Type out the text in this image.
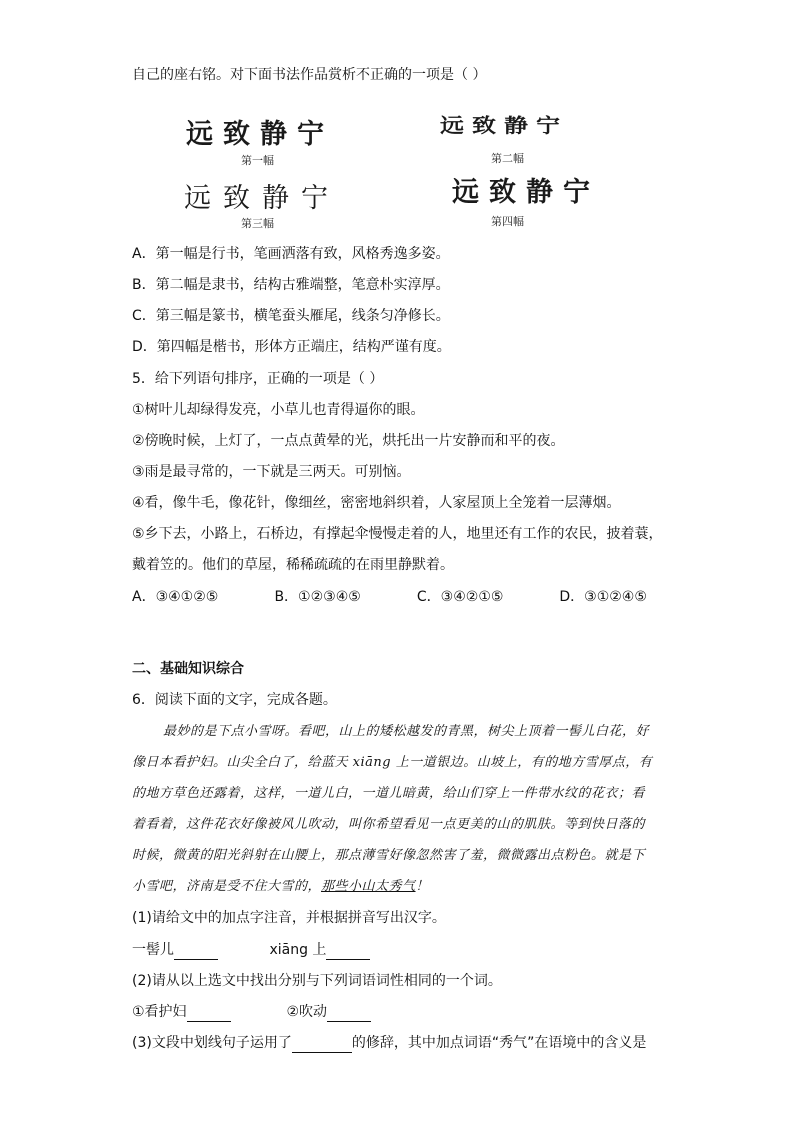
自己的座右铭。对下面书法作品赏析不正确的一项是（ ）
远致静宁
第一幅
远致静宁
第二幅
远致静宁
第三幅
远致静宁
第四幅
A．第一幅是行书，笔画洒落有致，风格秀逸多姿。
B．第二幅是隶书，结构古雅端整，笔意朴实淳厚。
C．第三幅是篆书，横笔蚕头雁尾，线条匀净修长。
D．第四幅是楷书，形体方正端庄，结构严谨有度。
5．给下列语句排序，正确的一项是（ ）
①树叶儿却绿得发亮，小草儿也青得逼你的眼。
②傍晚时候，上灯了，一点点黄晕的光，烘托出一片安静而和平的夜。
③雨是最寻常的，一下就是三两天。可别恼。
④看，像牛毛，像花针，像细丝，密密地斜织着，人家屋顶上全笼着一层薄烟。
⑤乡下去，小路上，石桥边，有撑起伞慢慢走着的人，地里还有工作的农民，披着蓑，
戴着笠的。他们的草屋，稀稀疏疏的在雨里静默着。
A．③④①②⑤	B．①②③④⑤	C．③④②①⑤	D．③①②④⑤
二、基础知识综合
6．阅读下面的文字，完成各题。
最妙的是下点小雪呀。看吧，山上的矮松越发的青黑，树尖上顶着一髻儿白花，好
像日本看护妇。山尖全白了，给蓝天 xiāng 上一道银边。山坡上，有的地方雪厚点，有
的地方草色还露着，这样，一道儿白，一道儿暗黄，给山们穿上一件带水纹的花衣；看
着看着，这件花衣好像被风儿吹动，叫你希望看见一点更美的山的肌肤。等到快日落的
时候，微黄的阳光斜射在山腰上，那点薄雪好像忽然害了羞，微微露出点粉色。就是下
小雪吧，济南是受不住大雪的，那些小山太秀气！
(1)请给文中的加点字注音，并根据拼音写出汉字。
一髻儿	xiāng 上
(2)请从以上选文中找出分别与下列词语词性相同的一个词。
①看护妇	②吹动
(3)文段中划线句子运用了	的修辞，其中加点词语“秀气”在语境中的含义是
